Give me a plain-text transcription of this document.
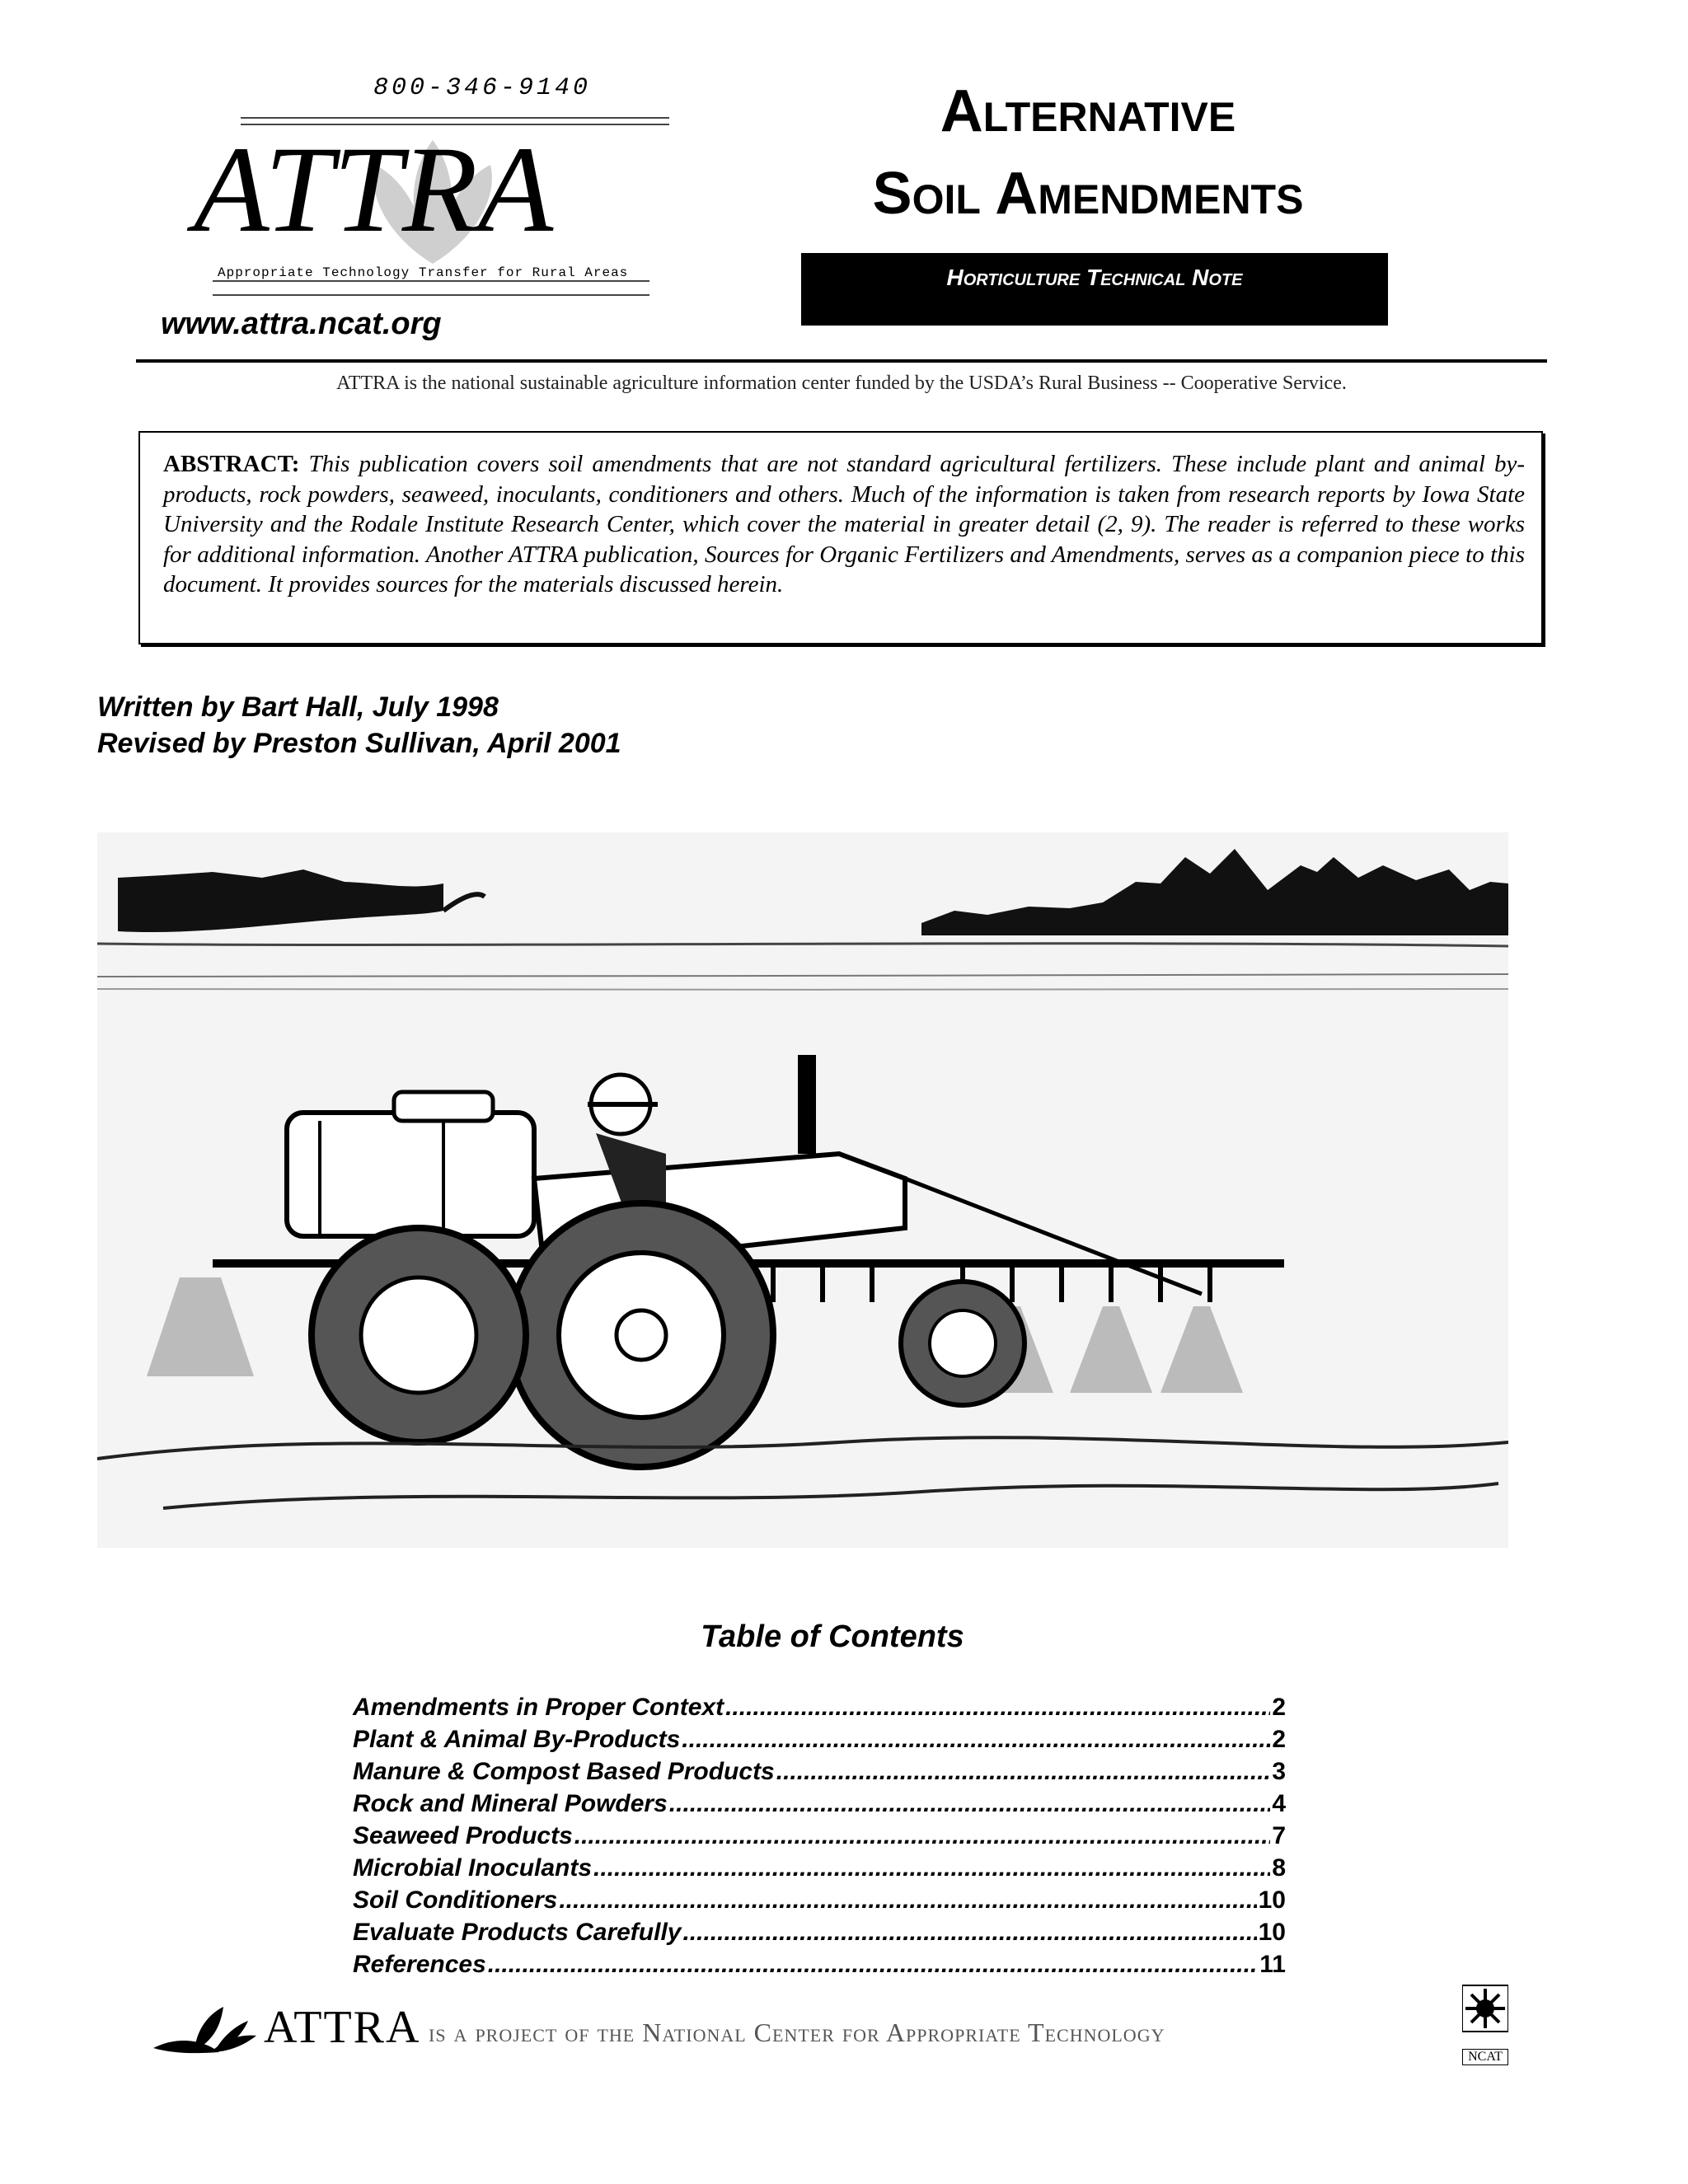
800-346-9140
ATTRA
Appropriate Technology Transfer for Rural Areas
www.attra.ncat.org
Alternative
Soil Amendments
Horticulture Technical Note
ATTRA is the national sustainable agriculture information center funded by the USDA’s Rural Business -- Cooperative Service.
ABSTRACT: This publication covers soil amendments that are not standard agricultural fertilizers. These include plant and animal by-products, rock powders, seaweed, inoculants, conditioners and others. Much of the information is taken from research reports by Iowa State University and the Rodale Institute Research Center, which cover the material in greater detail (2, 9). The reader is referred to these works for additional information. Another ATTRA publication, Sources for Organic Fertilizers and Amendments, serves as a companion piece to this document. It provides sources for the materials discussed herein.
Written by Bart Hall, July 1998
Revised by Preston Sullivan, April 2001
Table of Contents
Amendments in Proper Context .....	2
Plant & Animal By-Products .....	2
Manure & Compost Based Products .....	3
Rock and Mineral Powders .....	4
Seaweed Products .....	7
Microbial Inoculants .....	8
Soil Conditioners .....	10
Evaluate Products Carefully .....	10
References .....	11
ATTRA is a project of the National Center for Appropriate Technology
NCAT
